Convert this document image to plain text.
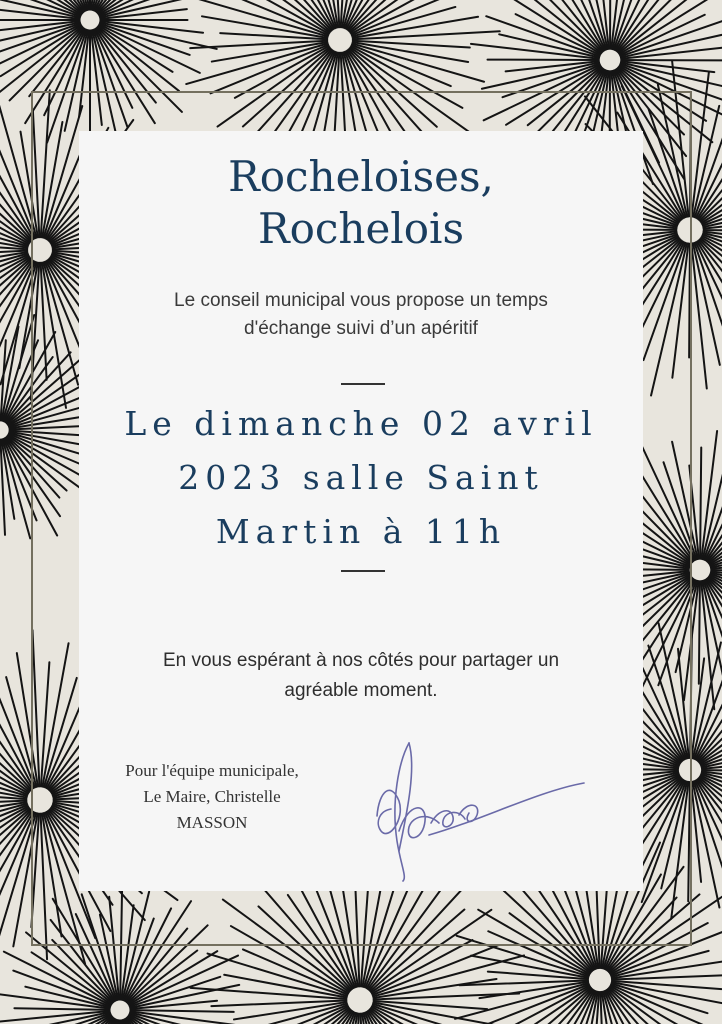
Rocheloises,
Rochelois
Le conseil municipal vous propose un temps
d'échange suivi d’un apéritif
Le dimanche 02 avril
2023 salle Saint
Martin à 11h
En vous espérant à nos côtés pour partager un
agréable moment.
Pour l'équipe municipale,
Le Maire, Christelle
MASSON
